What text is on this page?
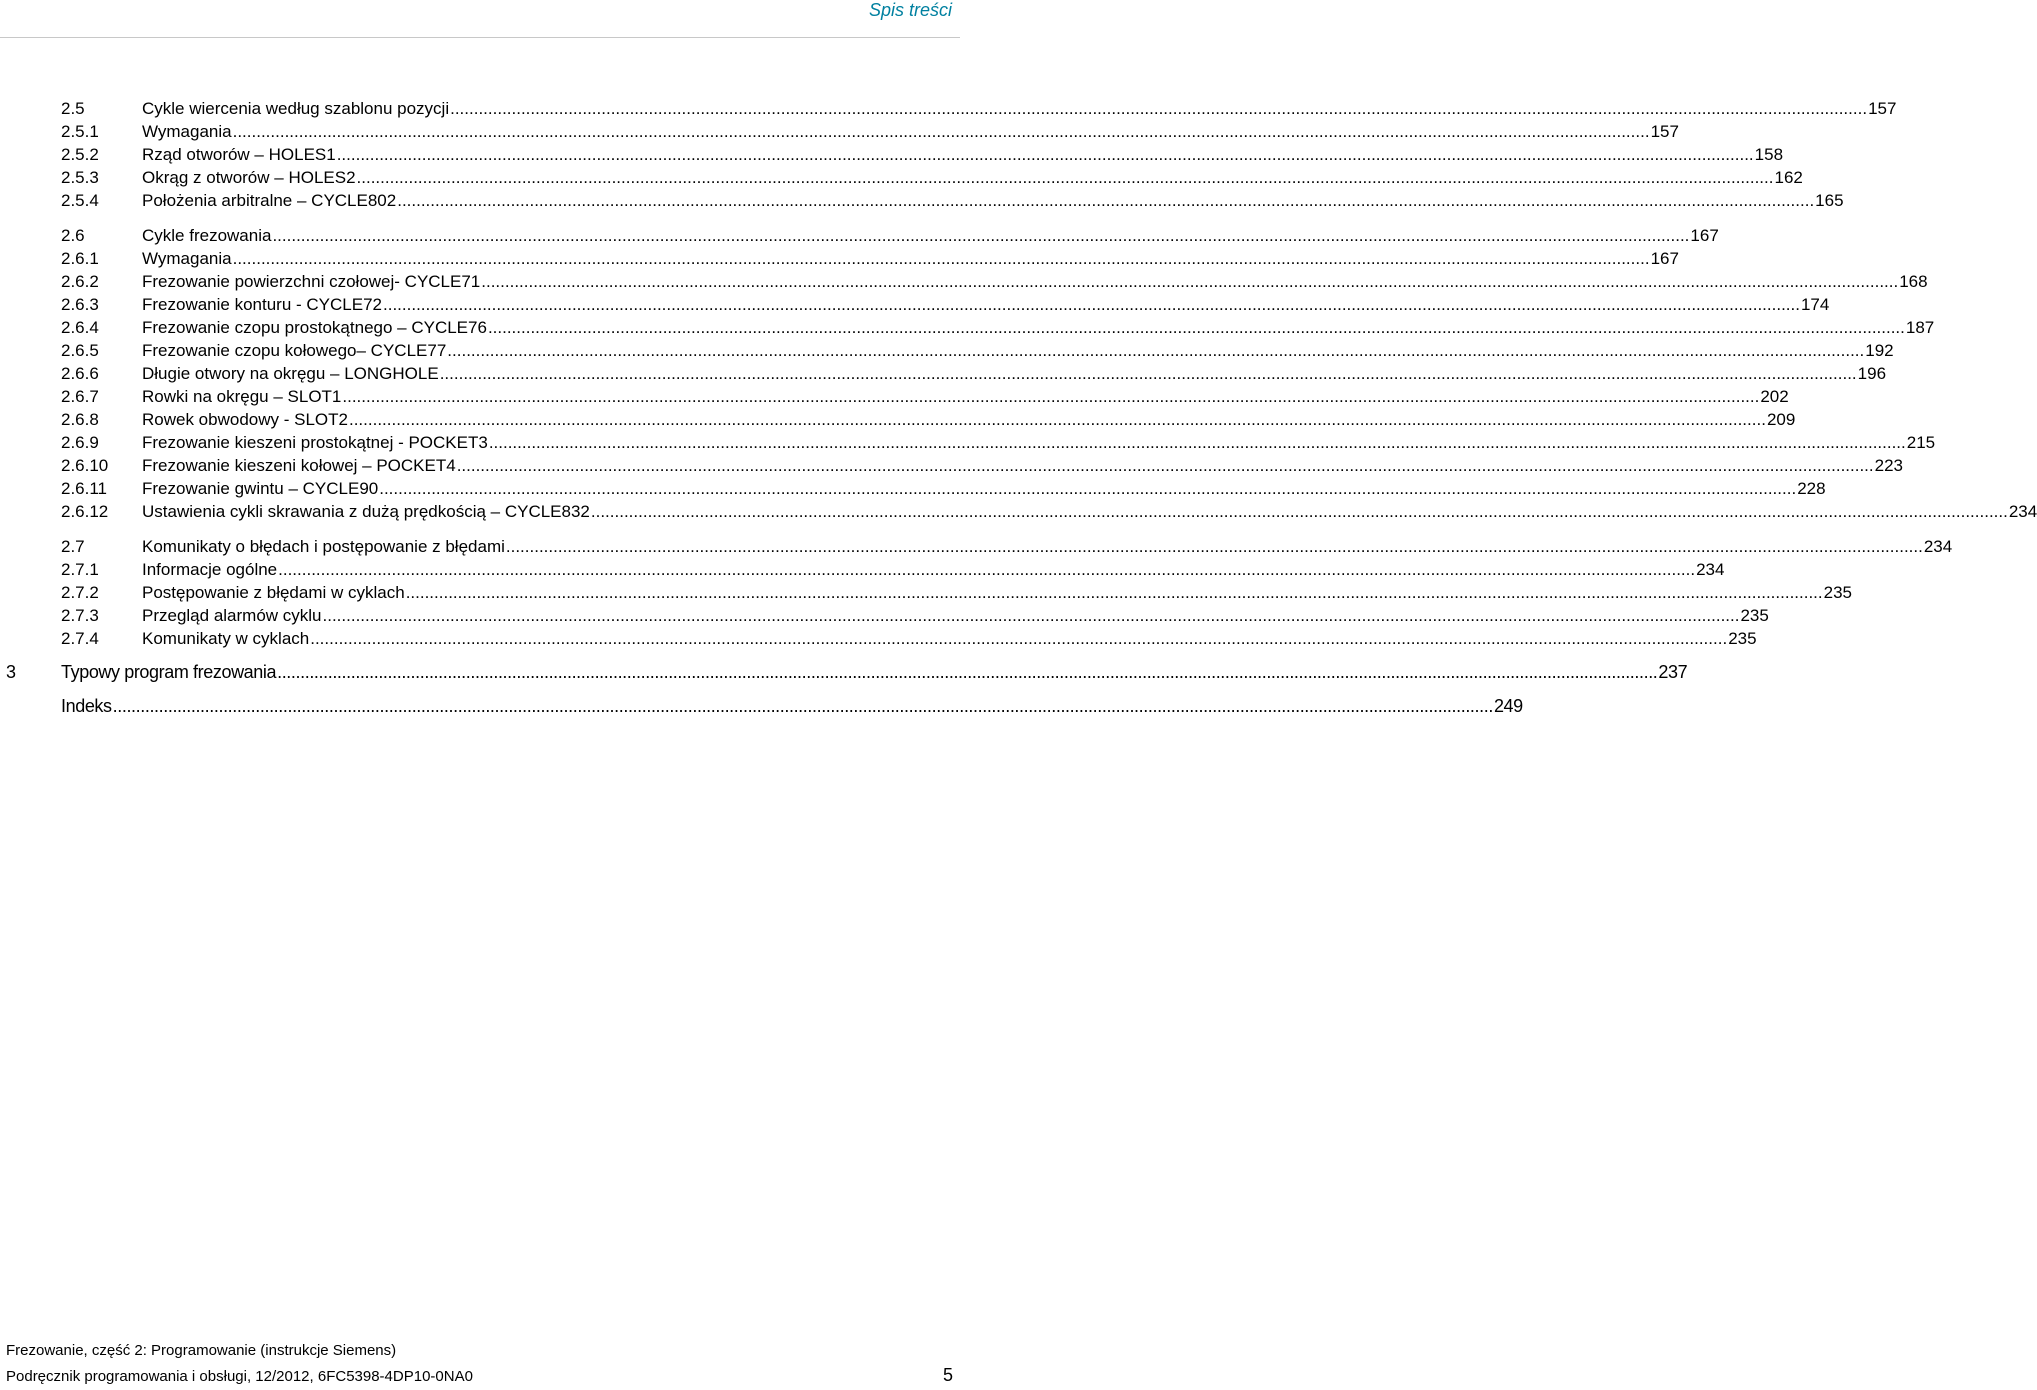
Spis treści
2.5	Cykle wiercenia według szablonu pozycji ............................................................................................................................................................................................................................................................................................................ 157
2.5.1	Wymagania ............................................................................................................................................................................................................................................................................................................ 157
2.5.2	Rząd otworów – HOLES1 ............................................................................................................................................................................................................................................................................................................ 158
2.5.3	Okrąg z otworów – HOLES2 ............................................................................................................................................................................................................................................................................................................ 162
2.5.4	Położenia arbitralne – CYCLE802 ............................................................................................................................................................................................................................................................................................................ 165
2.6	Cykle frezowania ............................................................................................................................................................................................................................................................................................................ 167
2.6.1	Wymagania ............................................................................................................................................................................................................................................................................................................ 167
2.6.2	Frezowanie powierzchni czołowej- CYCLE71 ............................................................................................................................................................................................................................................................................................................ 168
2.6.3	Frezowanie konturu - CYCLE72 ............................................................................................................................................................................................................................................................................................................ 174
2.6.4	Frezowanie czopu prostokątnego – CYCLE76 ............................................................................................................................................................................................................................................................................................................ 187
2.6.5	Frezowanie czopu kołowego– CYCLE77 ............................................................................................................................................................................................................................................................................................................ 192
2.6.6	Długie otwory na okręgu – LONGHOLE ............................................................................................................................................................................................................................................................................................................ 196
2.6.7	Rowki na okręgu – SLOT1 ............................................................................................................................................................................................................................................................................................................ 202
2.6.8	Rowek obwodowy - SLOT2 ............................................................................................................................................................................................................................................................................................................ 209
2.6.9	Frezowanie kieszeni prostokątnej - POCKET3 ............................................................................................................................................................................................................................................................................................................ 215
2.6.10 Frezowanie kieszeni kołowej – POCKET4 ............................................................................................................................................................................................................................................................................................................ 223
2.6.11 Frezowanie gwintu – CYCLE90 ............................................................................................................................................................................................................................................................................................................ 228
2.6.12 Ustawienia cykli skrawania z dużą prędkością – CYCLE832 ............................................................................................................................................................................................................................................................................................................ 234
2.7	Komunikaty o błędach i postępowanie z błędami ............................................................................................................................................................................................................................................................................................................ 234
2.7.1	Informacje ogólne ............................................................................................................................................................................................................................................................................................................ 234
2.7.2	Postępowanie z błędami w cyklach ............................................................................................................................................................................................................................................................................................................ 235
2.7.3	Przegląd alarmów cyklu ............................................................................................................................................................................................................................................................................................................ 235
2.7.4	Komunikaty w cyklach ............................................................................................................................................................................................................................................................................................................ 235
3	Typowy program frezowania ............................................................................................................................................................................................................................................................................................................ 237
Indeks ............................................................................................................................................................................................................................................................................................................ 249
Frezowanie, część 2: Programowanie (instrukcje Siemens)
Podręcznik programowania i obsługi, 12/2012, 6FC5398-4DP10-0NA0	5
